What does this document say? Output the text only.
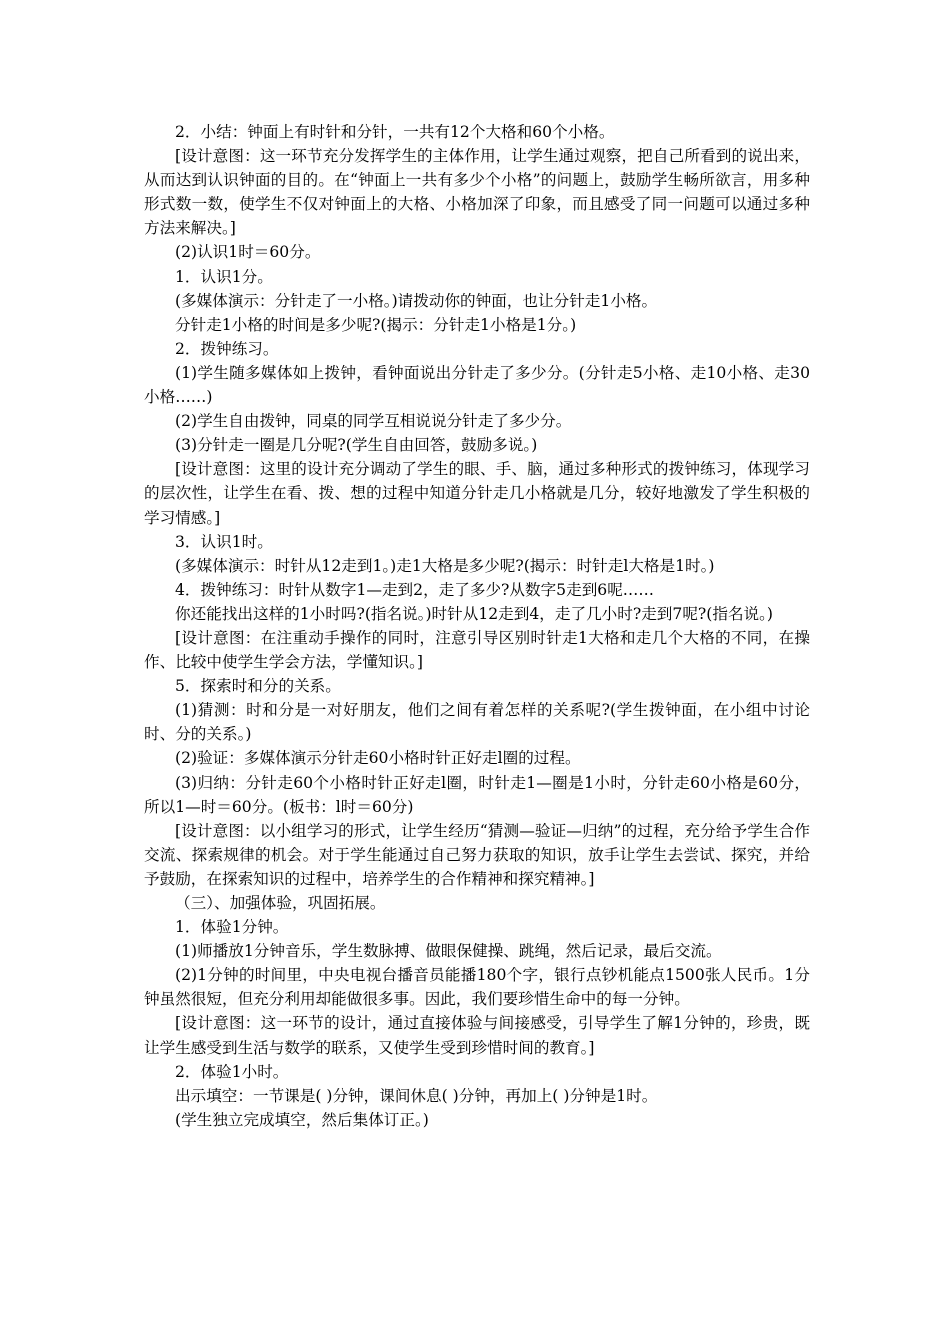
2．小结：钟面上有时针和分针，一共有12个大格和60个小格。

[设计意图：这一环节充分发挥学生的主体作用，让学生通过观察，把自己所看到的说出来，从而达到认识钟面的目的。在“钟面上一共有多少个小格”的问题上，鼓励学生畅所欲言，用多种形式数一数，使学生不仅对钟面上的大格、小格加深了印象，而且感受了同一问题可以通过多种方法来解决。]

(2)认识1时＝60分。

1．认识1分。

(多媒体演示：分针走了一小格。)请拨动你的钟面，也让分针走1小格。

分针走1小格的时间是多少呢?(揭示：分针走1小格是1分。)

2．拨钟练习。

(1)学生随多媒体如上拨钟，看钟面说出分针走了多少分。(分针走5小格、走10小格、走30小格……)

(2)学生自由拨钟，同桌的同学互相说说分针走了多少分。

(3)分针走一圈是几分呢?(学生自由回答，鼓励多说。)

[设计意图：这里的设计充分调动了学生的眼、手、脑，通过多种形式的拨钟练习，体现学习的层次性，让学生在看、拨、想的过程中知道分针走几小格就是几分，较好地激发了学生积极的学习情感。]

3．认识1时。

(多媒体演示：时针从12走到1。)走1大格是多少呢?(揭示：时针走l大格是1时。)

4．拨钟练习：时针从数字1—走到2，走了多少?从数字5走到6呢……

你还能找出这样的1小时吗?(指名说。)时针从12走到4，走了几小时?走到7呢?(指名说。)

[设计意图：在注重动手操作的同时，注意引导区别时针走1大格和走几个大格的不同，在操作、比较中使学生学会方法，学懂知识。]

5．探索时和分的关系。

(1)猜测：时和分是一对好朋友，他们之间有着怎样的关系呢?(学生拨钟面，在小组中讨论时、分的关系。)

(2)验证：多媒体演示分针走60小格时针正好走l圈的过程。

(3)归纳：分针走60个小格时针正好走l圈，时针走1—圈是1小时，分针走60小格是60分，所以1—时＝60分。(板书：l时＝60分)

[设计意图：以小组学习的形式，让学生经历“猜测—验证—归纳”的过程，充分给予学生合作交流、探索规律的机会。对于学生能通过自己努力获取的知识，放手让学生去尝试、探究，并给予鼓励，在探索知识的过程中，培养学生的合作精神和探究精神。]

（三）、加强体验，巩固拓展。

1．体验1分钟。

(1)师播放1分钟音乐，学生数脉搏、做眼保健操、跳绳，然后记录，最后交流。

(2)1分钟的时间里，中央电视台播音员能播180个字，银行点钞机能点1500张人民币。1分钟虽然很短，但充分利用却能做很多事。因此，我们要珍惜生命中的每一分钟。

[设计意图：这一环节的设计，通过直接体验与间接感受，引导学生了解1分钟的，珍贵，既让学生感受到生活与数学的联系，又使学生受到珍惜时间的教育。]

2．体验1小时。

出示填空：一节课是( )分钟，课间休息( )分钟，再加上( )分钟是1时。

(学生独立完成填空，然后集体订正。)
